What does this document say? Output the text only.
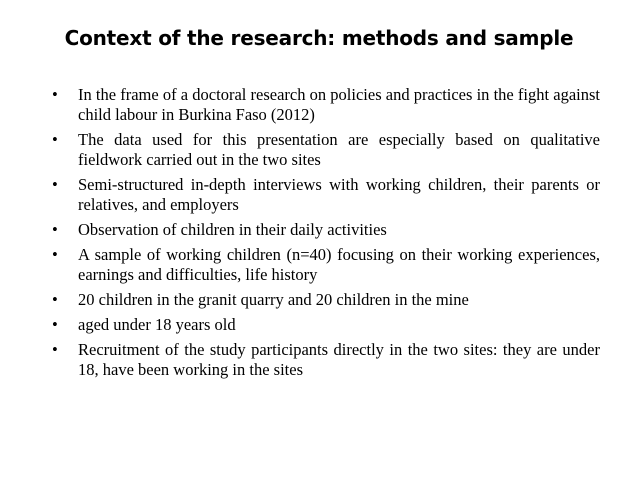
Context of the research: methods and sample
• In the frame of a doctoral research on policies and practices in the fight against child labour in Burkina Faso (2012)
• The data used for this presentation are especially based on qualitative fieldwork carried out in the two sites
• Semi-structured in-depth interviews with working children, their parents or relatives, and employers
• Observation of children in their daily activities
• A sample of working children (n=40) focusing on their working experiences, earnings and difficulties, life history
• 20 children in the granit quarry and 20 children in the mine
• aged under 18 years old
• Recruitment of the study participants directly in the two sites: they are under 18, have been working in the sites
